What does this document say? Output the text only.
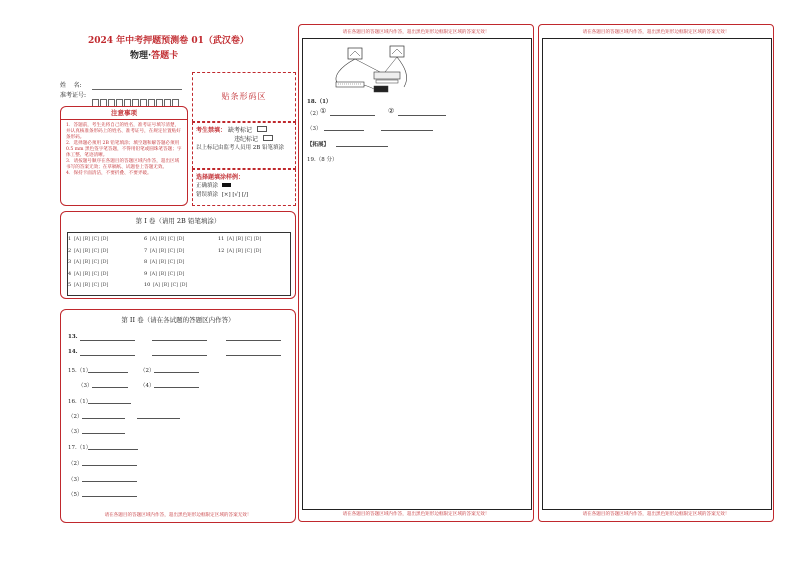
2024 年中考押题预测卷 01（武汉卷）
物理·答题卡
姓    名:
准考证号:	贴条形码区
注意事项
1．答题前，考生先将自己的姓名，准考证号填写清楚，并认真核准条形码上的姓名、准考证号，在规定位置贴好条形码。
2．选择题必须用 2B 铅笔填涂；填空题和解答题必须用 0.5 mm 黑色签字笔答题，不得用铅笔或圆珠笔答题；字体工整、笔迹清晰。
3．请按题号顺序在各题目的答题区域内作答，超出区域书写的答案无效；在草稿纸、试题卷上答题无效。
4．保持卡面清洁，不要折叠、不要弄破。
考生禁填： 缺考标记
违纪标记
以上标记由监考人员用 2B 铅笔填涂
选择题填涂样例：
正确填涂
错误填涂 [×] [√] [/]
第 I 卷（请用 2B 铅笔填涂）
1 [A] [B] [C] [D]
2 [A] [B] [C] [D]
3 [A] [B] [C] [D]
4 [A] [B] [C] [D]
5 [A] [B] [C] [D]
6 [A] [B] [C] [D]
7 [A] [B] [C] [D]
8 [A] [B] [C] [D]
9 [A] [B] [C] [D]
10 [A] [B] [C] [D]
11 [A] [B] [C] [D]
12 [A] [B] [C] [D]
第 II 卷（请在各试题的答题区内作答）
13.
14.
15.（1）	（2）
（3）	（4）
16.（1）
（2）
（3）
17.（1）
（2）
（3）
（5）
请在各题目的答题区域内作答，超出黑色矩形边框限定区域的答案无效！
请在各题目的答题区域内作答，超出黑色矩形边框限定区域的答案无效！
18.（1）
（2）
①	②
（3）
【拓展】
19.（8 分）
请在各题目的答题区域内作答，超出黑色矩形边框限定区域的答案无效！
请在各题目的答题区域内作答，超出黑色矩形边框限定区域的答案无效！
请在各题目的答题区域内作答，超出黑色矩形边框限定区域的答案无效！
